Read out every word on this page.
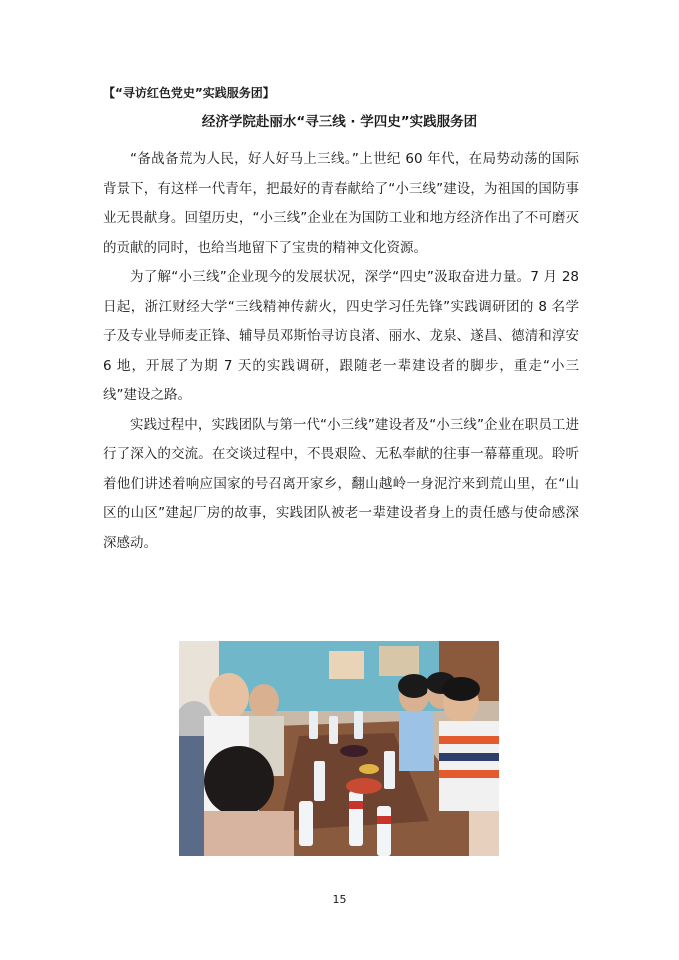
【“寻访红色党史”实践服务团】
经济学院赴丽水“寻三线 · 学四史”实践服务团

“备战备荒为人民，好人好马上三线。”上世纪 60 年代，在局势动荡的国际背景下，有这样一代青年，把最好的青春献给了“小三线”建设，为祖国的国防事业无畏献身。回望历史，“小三线”企业在为国防工业和地方经济作出了不可磨灭的贡献的同时，也给当地留下了宝贵的精神文化资源。

为了解“小三线”企业现今的发展状况，深学“四史”汲取奋进力量。7 月 28 日起，浙江财经大学“三线精神传薪火，四史学习任先锋”实践调研团的 8 名学子及专业导师麦正锋、辅导员邓斯怡寻访良渚、丽水、龙泉、遂昌、德清和淳安 6 地，开展了为期 7 天的实践调研，跟随老一辈建设者的脚步，重走“小三线”建设之路。

实践过程中，实践团队与第一代“小三线”建设者及“小三线”企业在职员工进行了深入的交流。在交谈过程中，不畏艰险、无私奉献的往事一幕幕重现。聆听着他们讲述着响应国家的号召离开家乡，翻山越岭一身泥泞来到荒山里，在“山区的山区”建起厂房的故事，实践团队被老一辈建设者身上的责任感与使命感深深感动。

15
